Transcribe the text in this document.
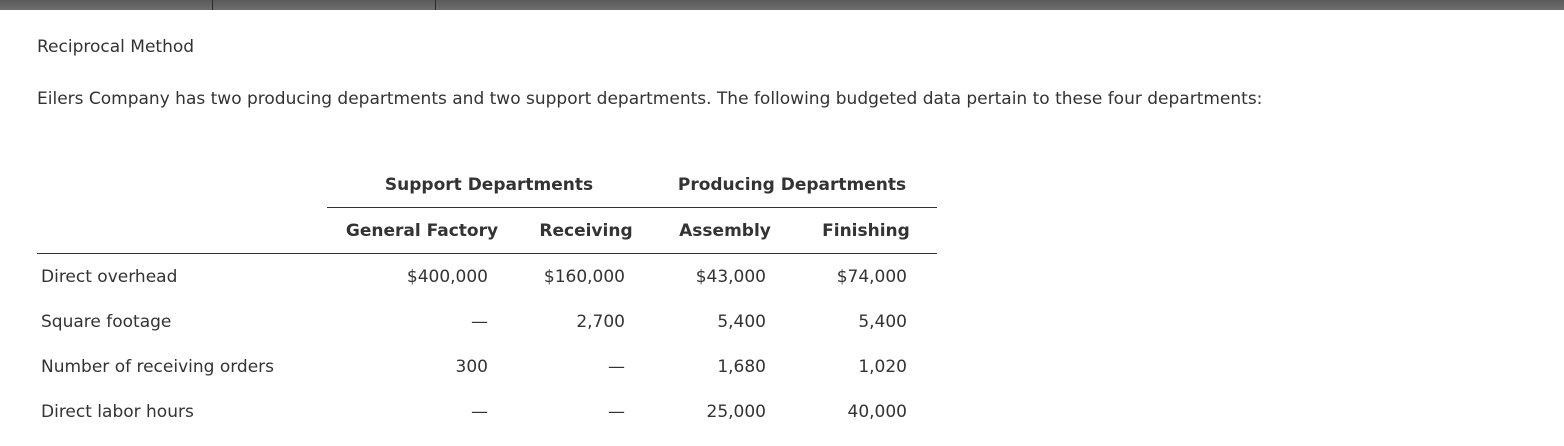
Reciprocal Method
Eilers Company has two producing departments and two support departments. The following budgeted data pertain to these four departments:
Support Departments	Producing Departments
General Factory	Receiving	Assembly	Finishing
Direct overhead	$400,000	$160,000	$43,000	$74,000
Square footage	—	2,700	5,400	5,400
Number of receiving orders	300	—	1,680	1,020
Direct labor hours	—	—	25,000	40,000
